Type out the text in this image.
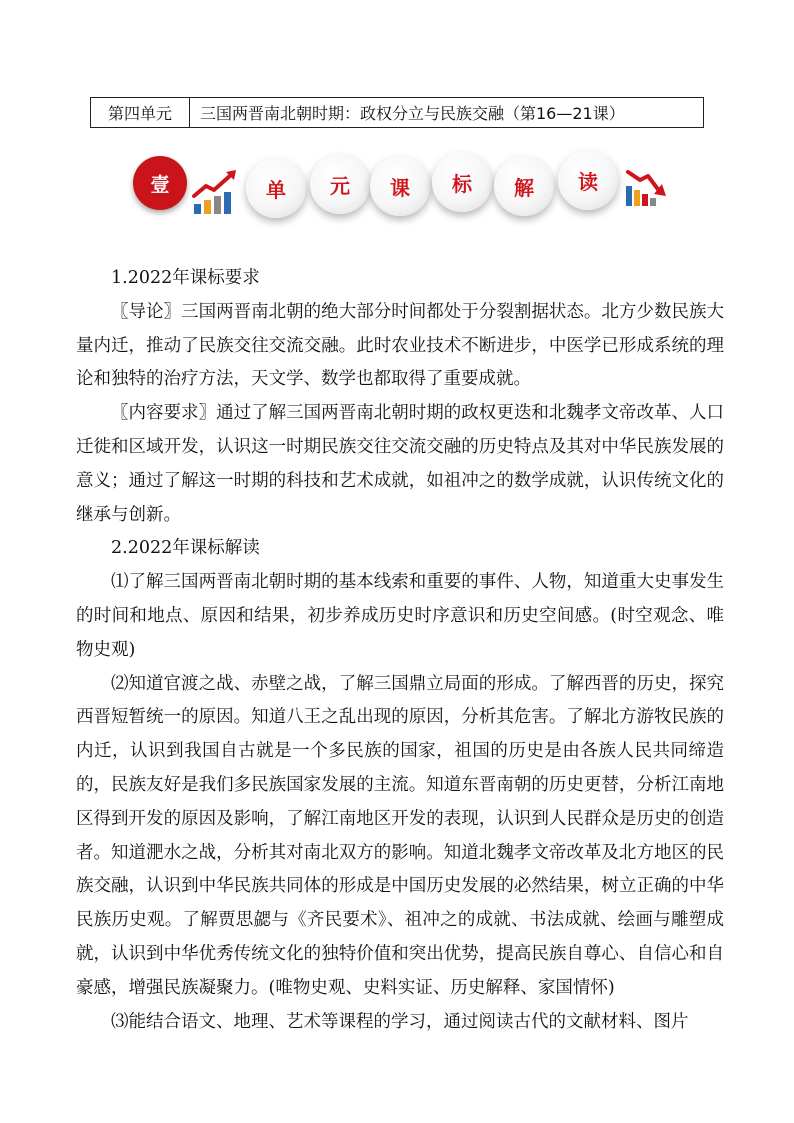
第四单元	三国两晋南北朝时期：政权分立与民族交融（第16—21课）
壹	单	元	课	标	解	读

1.2022年课标要求

〖导论〗三国两晋南北朝的绝大部分时间都处于分裂割据状态。北方少数民族大量内迁，推动了民族交往交流交融。此时农业技术不断进步，中医学已形成系统的理论和独特的治疗方法，天文学、数学也都取得了重要成就。

〖内容要求〗通过了解三国两晋南北朝时期的政权更迭和北魏孝文帝改革、人口迁徙和区域开发，认识这一时期民族交往交流交融的历史特点及其对中华民族发展的意义；通过了解这一时期的科技和艺术成就，如祖冲之的数学成就，认识传统文化的继承与创新。

2.2022年课标解读

⑴了解三国两晋南北朝时期的基本线索和重要的事件、人物，知道重大史事发生的时间和地点、原因和结果，初步养成历史时序意识和历史空间感。(时空观念、唯物史观)

⑵知道官渡之战、赤壁之战，了解三国鼎立局面的形成。了解西晋的历史，探究西晋短暂统一的原因。知道八王之乱出现的原因，分析其危害。了解北方游牧民族的内迁，认识到我国自古就是一个多民族的国家，祖国的历史是由各族人民共同缔造的，民族友好是我们多民族国家发展的主流。知道东晋南朝的历史更替，分析江南地区得到开发的原因及影响，了解江南地区开发的表现，认识到人民群众是历史的创造者。知道淝水之战，分析其对南北双方的影响。知道北魏孝文帝改革及北方地区的民族交融，认识到中华民族共同体的形成是中国历史发展的必然结果，树立正确的中华民族历史观。了解贾思勰与《齐民要术》、祖冲之的成就、书法成就、绘画与雕塑成就，认识到中华优秀传统文化的独特价值和突出优势，提高民族自尊心、自信心和自豪感，增强民族凝聚力。(唯物史观、史料实证、历史解释、家国情怀)

⑶能结合语文、地理、艺术等课程的学习，通过阅读古代的文献材料、图片
